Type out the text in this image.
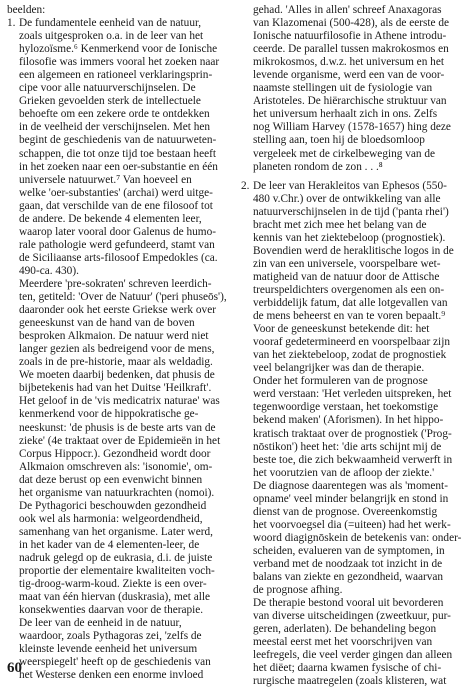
beelden:
1. De fundamentele eenheid van de natuur,
zoals uitgesproken o.a. in de leer van het
hylozoïsme.⁶ Kenmerkend voor de Ionische
filosofie was immers vooral het zoeken naar
een algemeen en rationeel verklaringsprin-
cipe voor alle natuurverschijnselen. De
Grieken gevoelden sterk de intellectuele
behoefte om een zekere orde te ontdekken
in de veelheid der verschijnselen. Met hen
begint de geschiedenis van de natuurweten-
schappen, die tot onze tijd toe bestaan heeft
in het zoeken naar een oer-substantie en één
universele natuurwet.⁷ Van hoeveel en
welke 'oer-substanties' (archai) werd uitge-
gaan, dat verschilde van de ene filosoof tot
de andere. De bekende 4 elementen leer,
waarop later vooral door Galenus de humo-
rale pathologie werd gefundeerd, stamt van
de Siciliaanse arts-filosoof Empedokles (ca.
490-ca. 430).
Meerdere 'pre-sokraten' schreven leerdich-
ten, getiteld: 'Over de Natuur' ('peri phuseōs'),
daaronder ook het eerste Griekse werk over
geneeskunst van de hand van de boven
besproken Alkmaion. De natuur werd niet
langer gezien als bedreigend voor de mens,
zoals in de pre-historie, maar als weldadig.
We moeten daarbij bedenken, dat phusis de
bijbetekenis had van het Duitse 'Heilkraft'.
Het geloof in de 'vis medicatrix naturae' was
kenmerkend voor de hippokratische ge-
neeskunst: 'de phusis is de beste arts van de
zieke' (4e traktaat over de Epidemieën in het
Corpus Hippocr.). Gezondheid wordt door
Alkmaion omschreven als: 'isonomie', om-
dat deze berust op een evenwicht binnen
het organisme van natuurkrachten (nomoi).
De Pythagorici beschouwden gezondheid
ook wel als harmonia: welgeordendheid,
samenhang van het organisme. Later werd,
in het kader van de 4 elementen-leer, de
nadruk gelegd op de eukrasia, d.i. de juiste
proportie der elementaire kwaliteiten voch-
tig-droog-warm-koud. Ziekte is een over-
maat van één hiervan (duskrasia), met alle
konsekwenties daarvan voor de therapie.
De leer van de eenheid in de natuur,
waardoor, zoals Pythagoras zei, 'zelfs de
kleinste levende eenheid het universum
weerspiegelt' heeft op de geschiedenis van
het Westerse denken een enorme invloed
gehad. 'Alles in allen' schreef Anaxagoras
van Klazomenai (500-428), als de eerste de
Ionische natuurfilosofie in Athene introdu-
ceerde. De parallel tussen makrokosmos en
mikrokosmos, d.w.z. het universum en het
levende organisme, werd een van de voor-
naamste stellingen uit de fysiologie van
Aristoteles. De hiërarchische struktuur van
het universum herhaalt zich in ons. Zelfs
nog William Harvey (1578-1657) hing deze
stelling aan, toen hij de bloedsomloop
vergeleek met de cirkelbeweging van de
planeten rondom de zon . . .⁸
2. De leer van Herakleitos van Ephesos (550-
480 v.Chr.) over de ontwikkeling van alle
natuurverschijnselen in de tijd ('panta rhei')
bracht met zich mee het belang van de
kennis van het ziektebeloop (prognostiek).
Bovendien werd de heraklitische logos in de
zin van een universele, voorspelbare wet-
matigheid van de natuur door de Attische
treurspeldichters overgenomen als een on-
verbiddelijk fatum, dat alle lotgevallen van
de mens beheerst en van te voren bepaalt.⁹
Voor de geneeskunst betekende dit: het
vooraf gedetermineerd en voorspelbaar zijn
van het ziektebeloop, zodat de prognostiek
veel belangrijker was dan de therapie.
Onder het formuleren van de prognose
werd verstaan: 'Het verleden uitspreken, het
tegenwoordige verstaan, het toekomstige
bekend maken' (Aforismen). In het hippo-
kratisch traktaat over de prognostiek ('Prog-
nōstikon') heet het: 'die arts schijnt mij de
beste toe, die zich bekwaamheid verwerft in
het voorutzien van de afloop der ziekte.'
De diagnose daarentegen was als 'moment-
opname' veel minder belangrijk en stond in
dienst van de prognose. Overeenkomstig
het voorvoegsel dia (=uiteen) had het werk-
woord diagignōskein de betekenis van: onder-
scheiden, evalueren van de symptomen, in
verband met de noodzaak tot inzicht in de
balans van ziekte en gezondheid, waarvan
de prognose afhing.
De therapie bestond vooral uit bevorderen
van diverse uitscheidingen (zweetkuur, pur-
geren, aderlaten). De behandeling begon
meestal eerst met het voorschrijven van
leefregels, die veel verder gingen dan alleen
het diëet; daarna kwamen fysische of chi-
rurgische maatregelen (zoals klisteren, wat
60
